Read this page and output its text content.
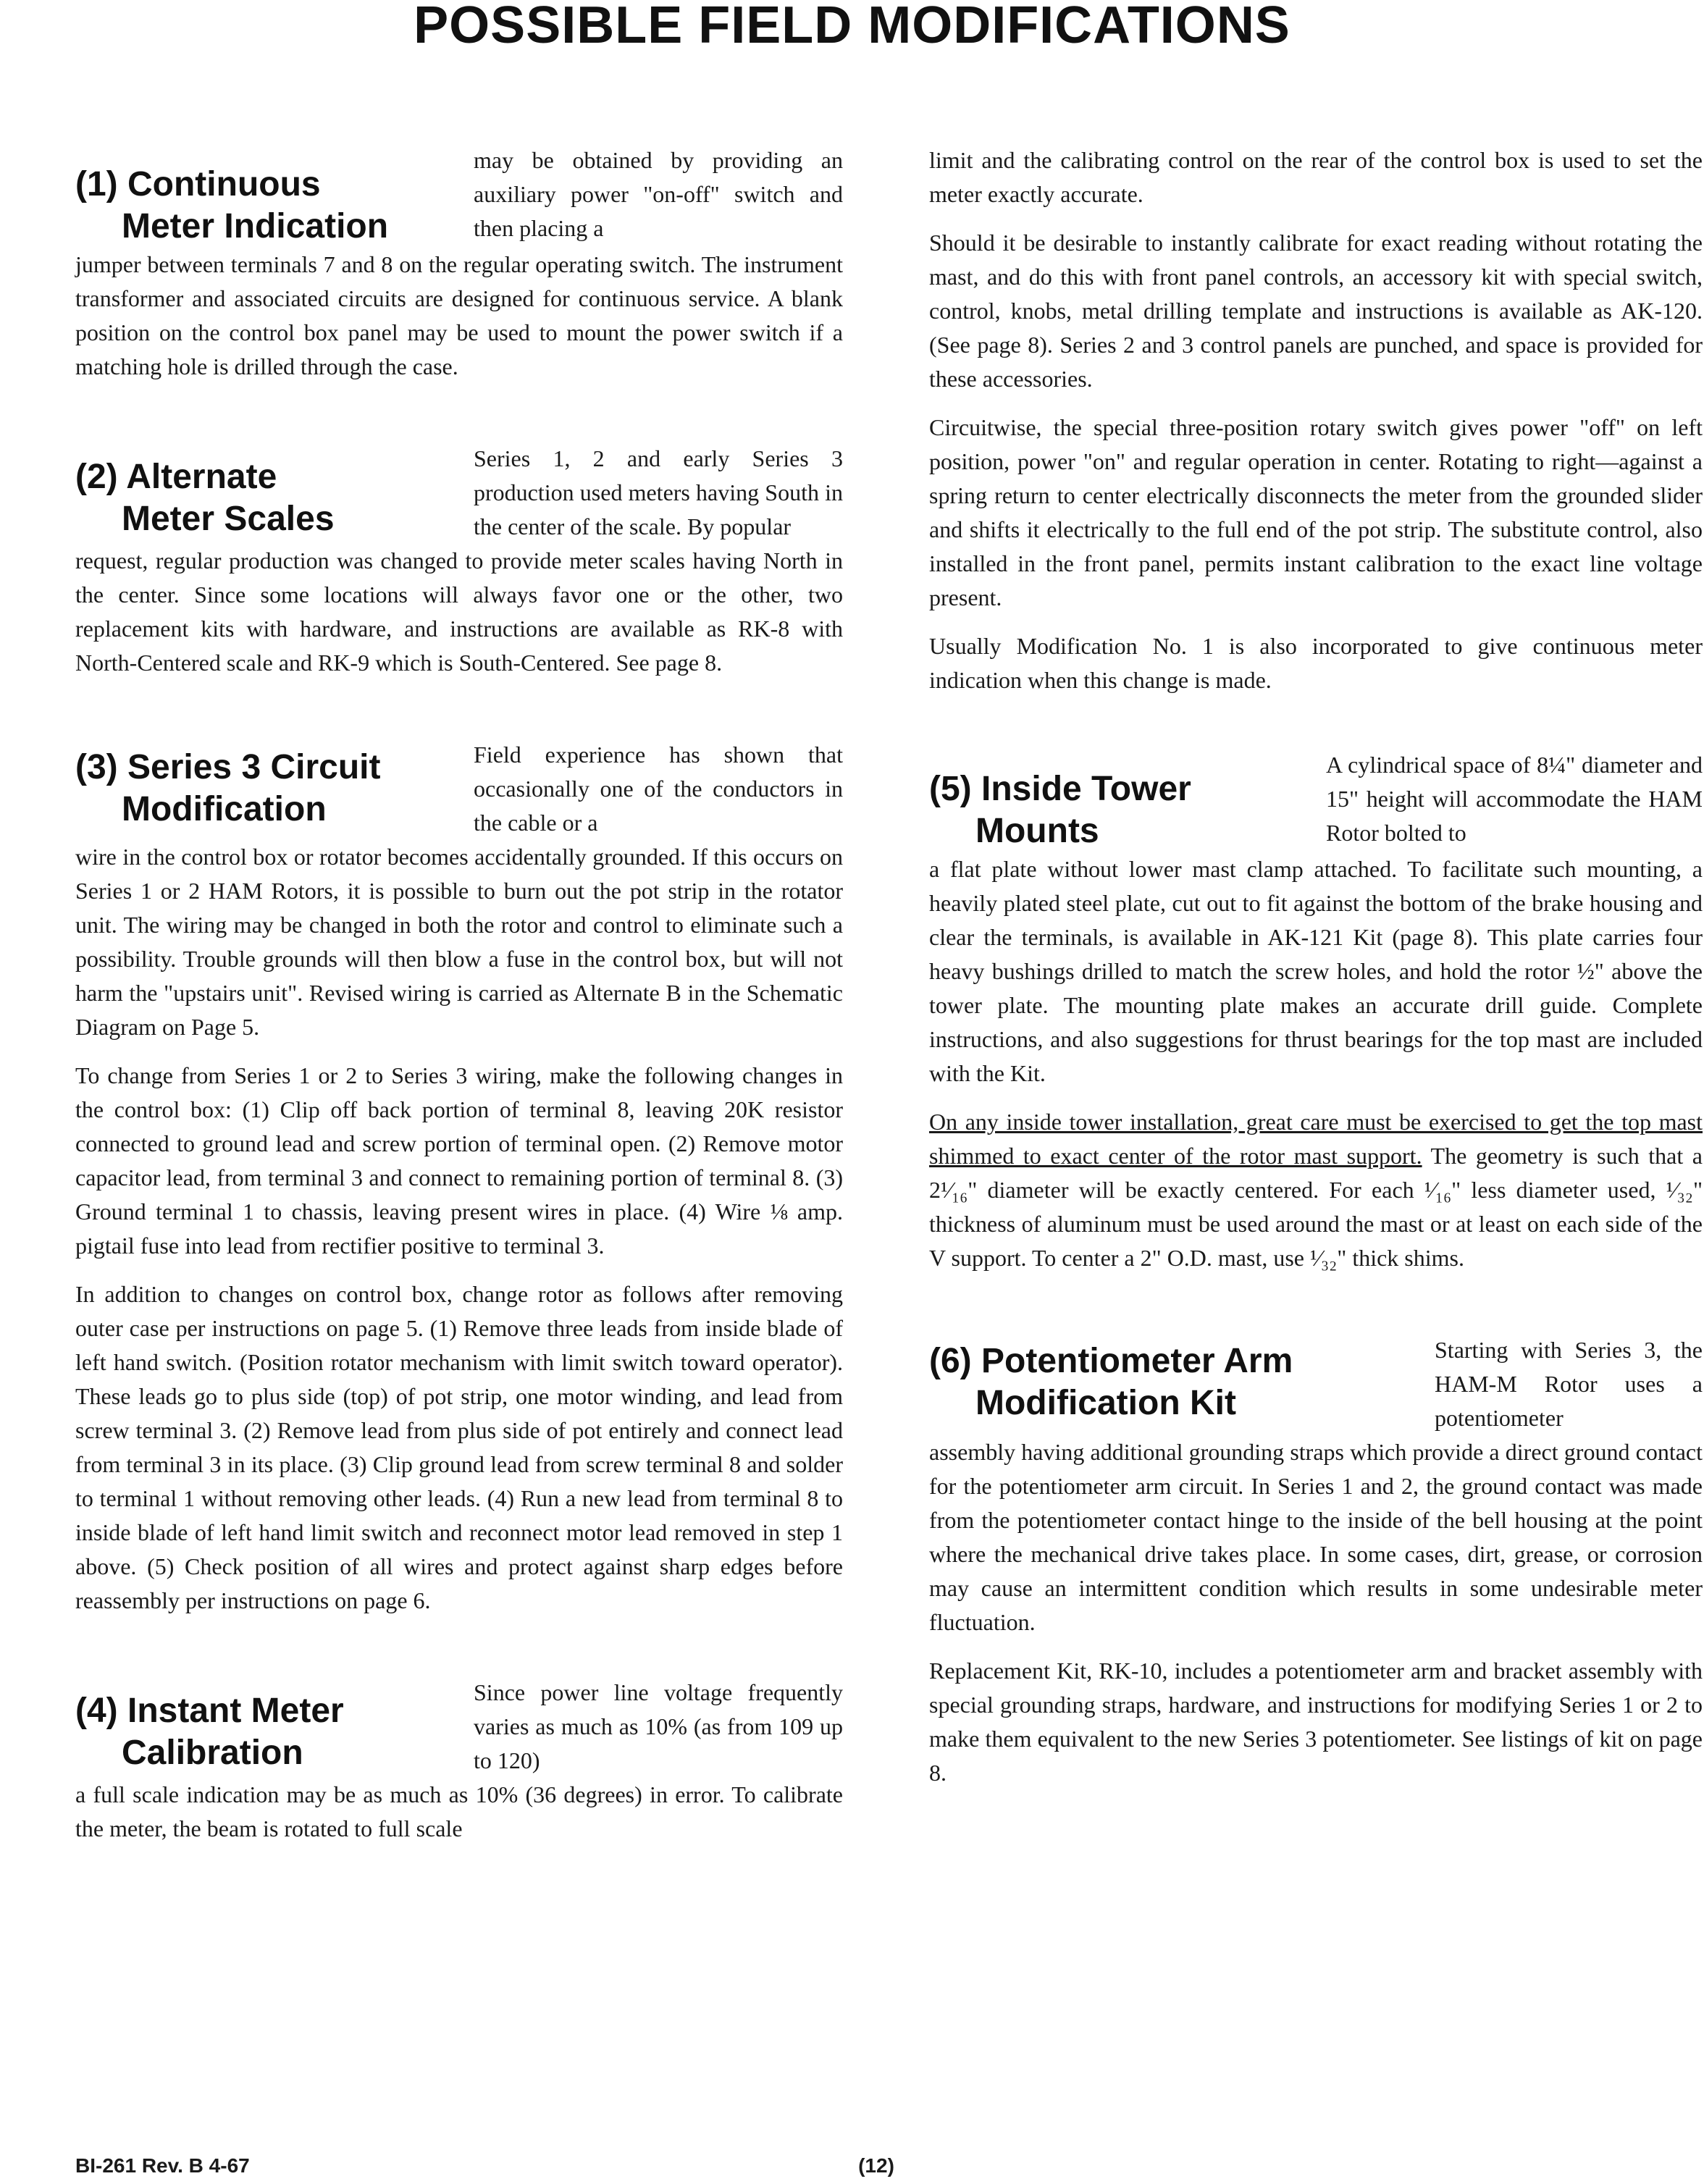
POSSIBLE FIELD MODIFICATIONS
(1) Continuous
Meter Indication
may be obtained by providing an auxiliary power "on-off" switch and then placing a

jumper between terminals 7 and 8 on the regular operating switch. The instrument transformer and associated circuits are designed for continuous service. A blank position on the control box panel may be used to mount the power switch if a matching hole is drilled through the case.

(2) Alternate
Meter Scales
Series 1, 2 and early Series 3 production used meters having South in the center of the scale. By popular

request, regular production was changed to provide meter scales having North in the center. Since some locations will always favor one or the other, two replacement kits with hardware, and instructions are available as RK-8 with North-Centered scale and RK-9 which is South-Centered. See page 8.

(3) Series 3 Circuit
Modification
Field experience has shown that occasionally one of the conductors in the cable or a

wire in the control box or rotator becomes accidentally grounded. If this occurs on Series 1 or 2 HAM Rotors, it is possible to burn out the pot strip in the rotator unit. The wiring may be changed in both the rotor and control to eliminate such a possibility. Trouble grounds will then blow a fuse in the control box, but will not harm the "upstairs unit". Revised wiring is carried as Alternate B in the Schematic Diagram on Page 5.

To change from Series 1 or 2 to Series 3 wiring, make the following changes in the control box: (1) Clip off back portion of terminal 8, leaving 20K resistor connected to ground lead and screw portion of terminal open. (2) Remove motor capacitor lead, from terminal 3 and connect to remaining portion of terminal 8. (3) Ground terminal 1 to chassis, leaving present wires in place. (4) Wire ⅛ amp. pigtail fuse into lead from rectifier positive to terminal 3.

In addition to changes on control box, change rotor as follows after removing outer case per instructions on page 5. (1) Remove three leads from inside blade of left hand switch. (Position rotator mechanism with limit switch toward operator). These leads go to plus side (top) of pot strip, one motor winding, and lead from screw terminal 3. (2) Remove lead from plus side of pot entirely and connect lead from terminal 3 in its place. (3) Clip ground lead from screw terminal 8 and solder to terminal 1 without removing other leads. (4) Run a new lead from terminal 8 to inside blade of left hand limit switch and reconnect motor lead removed in step 1 above. (5) Check position of all wires and protect against sharp edges before reassembly per instructions on page 6.

(4) Instant Meter
Calibration
Since power line voltage frequently varies as much as 10% (as from 109 up to 120)

a full scale indication may be as much as 10% (36 degrees) in error. To calibrate the meter, the beam is rotated to full scale

limit and the calibrating control on the rear of the control box is used to set the meter exactly accurate.

Should it be desirable to instantly calibrate for exact reading without rotating the mast, and do this with front panel controls, an accessory kit with special switch, control, knobs, metal drilling template and instructions is available as AK-120. (See page 8). Series 2 and 3 control panels are punched, and space is provided for these accessories.

Circuitwise, the special three-position rotary switch gives power "off" on left position, power "on" and regular operation in center. Rotating to right—against a spring return to center electrically disconnects the meter from the grounded slider and shifts it electrically to the full end of the pot strip. The substitute control, also installed in the front panel, permits instant calibration to the exact line voltage present.

Usually Modification No. 1 is also incorporated to give continuous meter indication when this change is made.

(5) Inside Tower
Mounts
A cylindrical space of 8¼" diameter and 15" height will accommodate the HAM Rotor bolted to

a flat plate without lower mast clamp attached. To facilitate such mounting, a heavily plated steel plate, cut out to fit against the bottom of the brake housing and clear the terminals, is available in AK-121 Kit (page 8). This plate carries four heavy bushings drilled to match the screw holes, and hold the rotor ½" above the tower plate. The mounting plate makes an accurate drill guide. Complete instructions, and also suggestions for thrust bearings for the top mast are included with the Kit.

On any inside tower installation, great care must be exercised to get the top mast shimmed to exact center of the rotor mast support. The geometry is such that a 2¹⁄₁₆" diameter will be exactly centered. For each ¹⁄₁₆" less diameter used, ¹⁄₃₂" thickness of aluminum must be used around the mast or at least on each side of the V support. To center a 2" O.D. mast, use ¹⁄₃₂" thick shims.

(6) Potentiometer Arm
Modification Kit
Starting with Series 3, the HAM-M Rotor uses a potentiometer

assembly having additional grounding straps which provide a direct ground contact for the potentiometer arm circuit. In Series 1 and 2, the ground contact was made from the potentiometer contact hinge to the inside of the bell housing at the point where the mechanical drive takes place. In some cases, dirt, grease, or corrosion may cause an intermittent condition which results in some undesirable meter fluctuation.

Replacement Kit, RK-10, includes a potentiometer arm and bracket assembly with special grounding straps, hardware, and instructions for modifying Series 1 or 2 to make them equivalent to the new Series 3 potentiometer. See listings of kit on page 8.

BI-261 Rev. B 4-67	(12)
